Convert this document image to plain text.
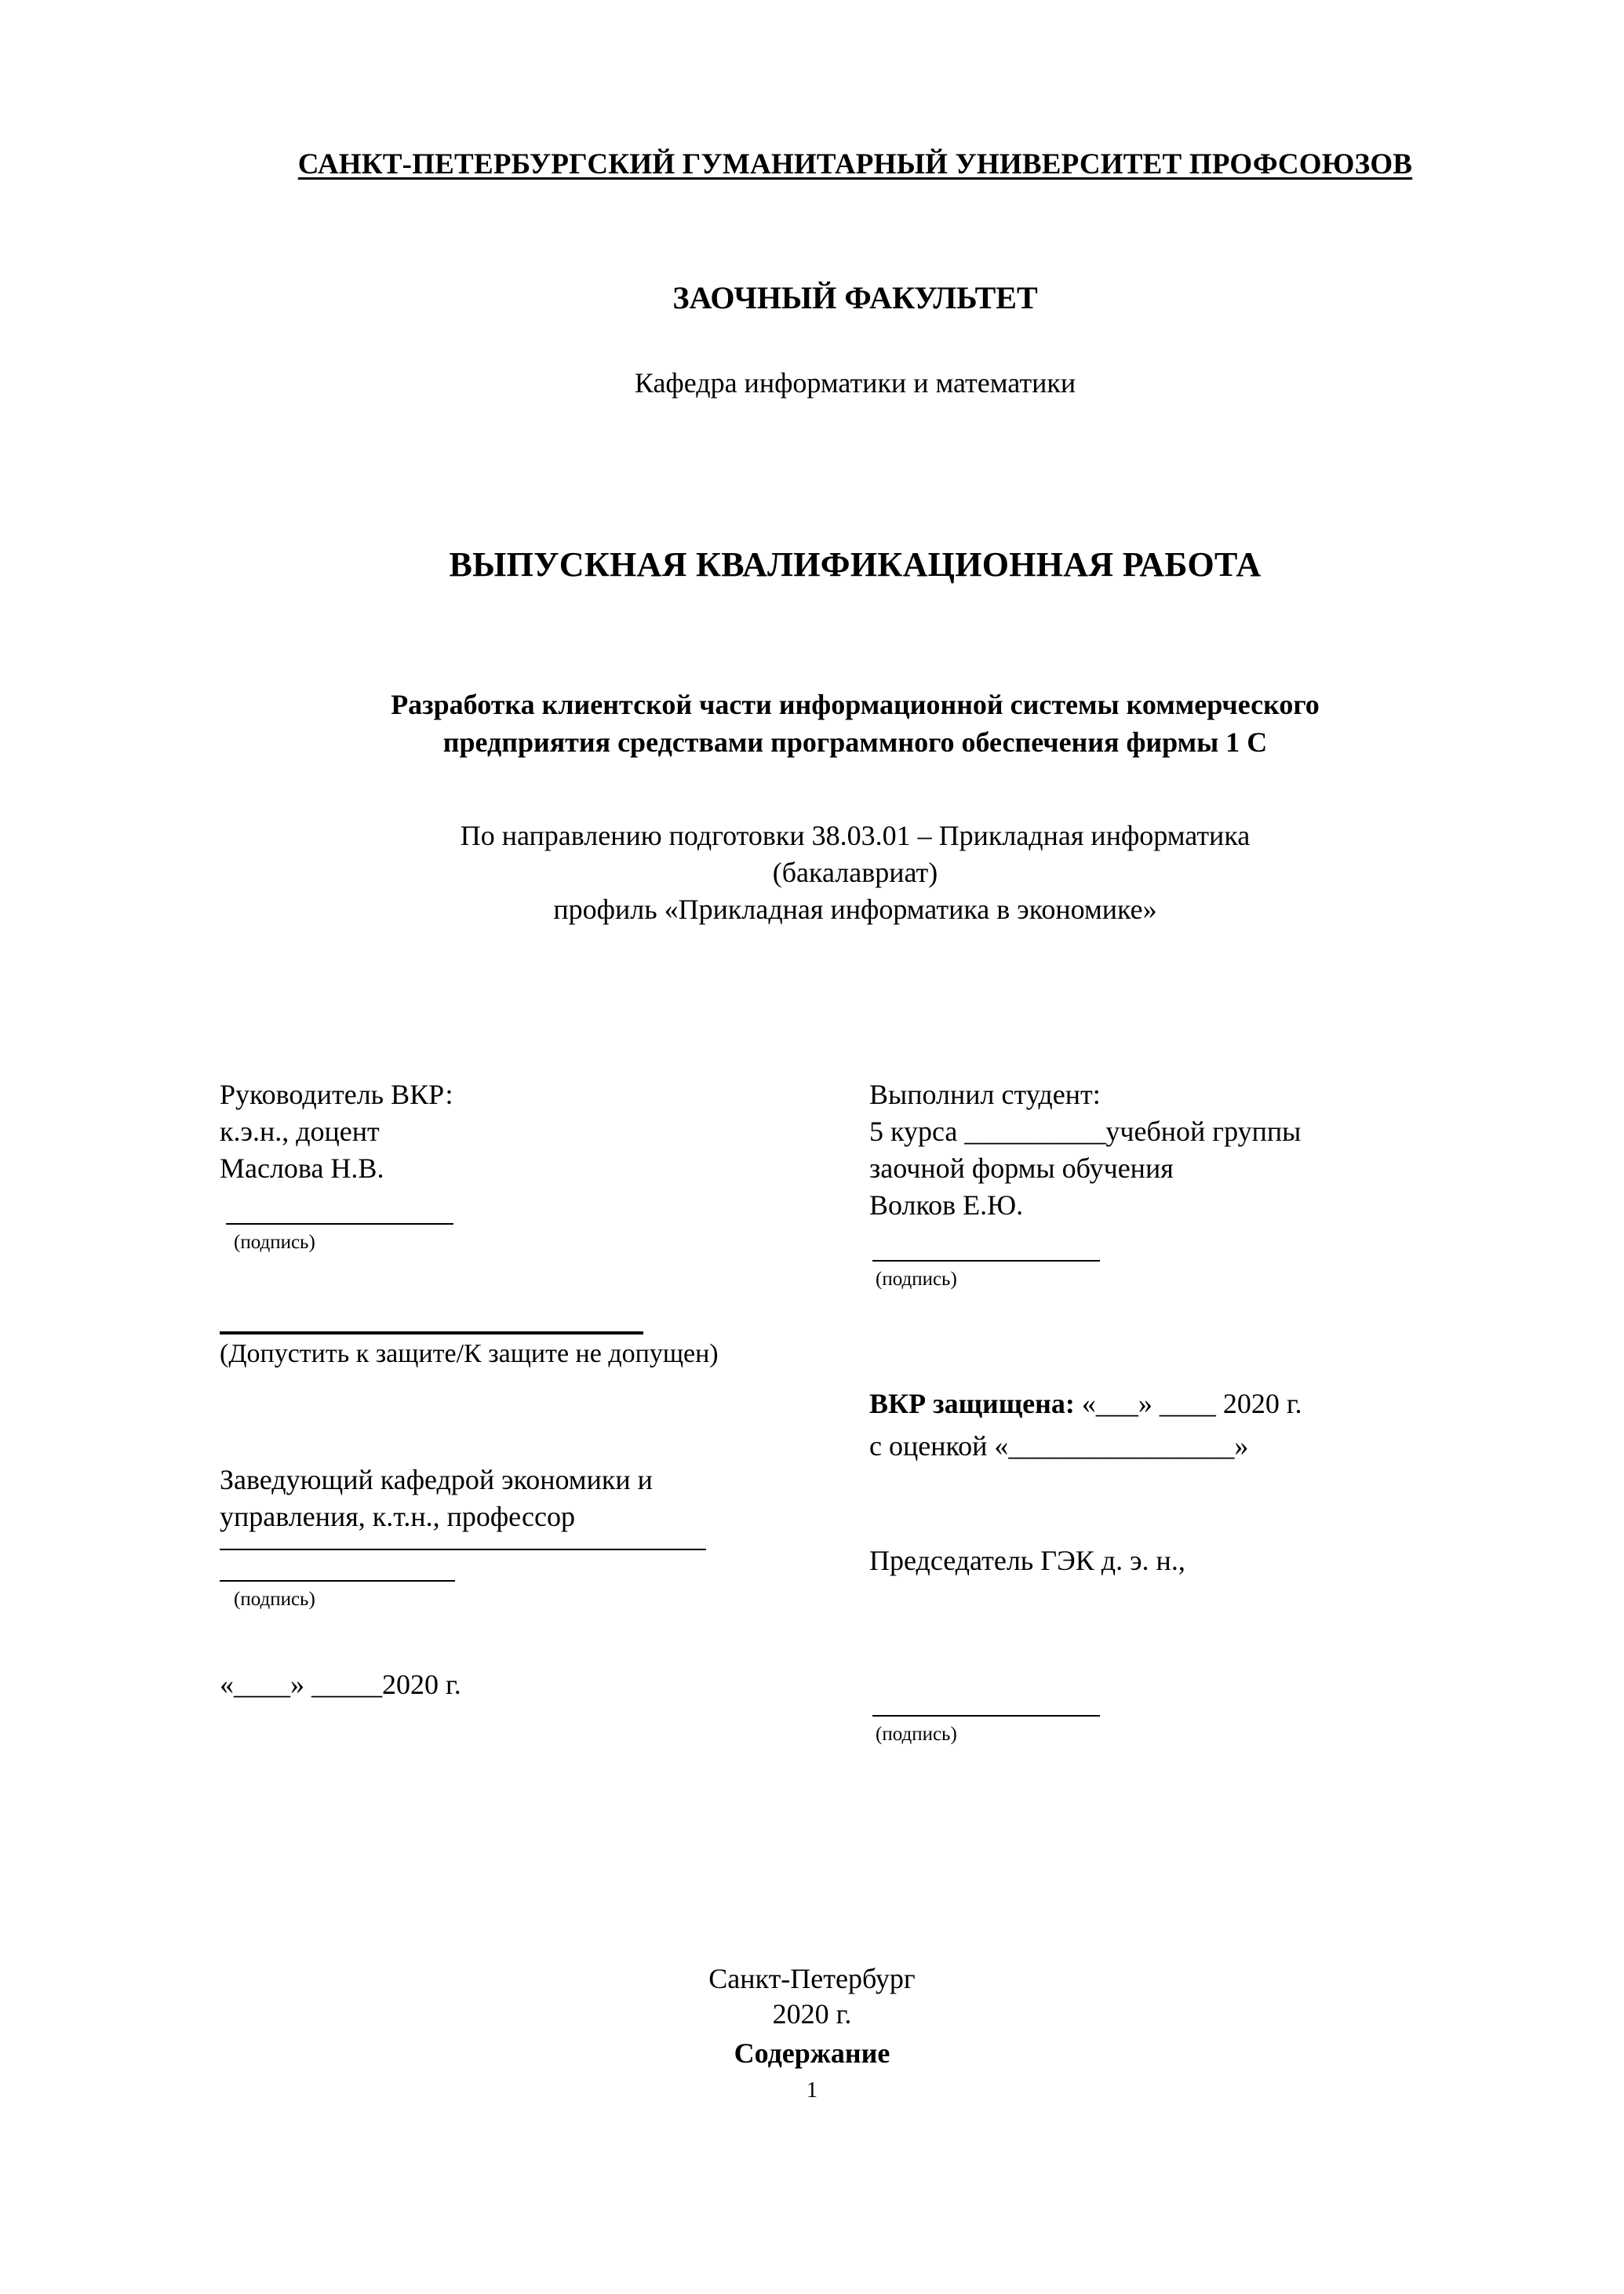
САНКТ-ПЕТЕРБУРГСКИЙ ГУМАНИТАРНЫЙ УНИВЕРСИТЕТ ПРОФСОЮЗОВ
ЗАОЧНЫЙ ФАКУЛЬТЕТ
Кафедра информатики и математики
ВЫПУСКНАЯ КВАЛИФИКАЦИОННАЯ РАБОТА
Разработка клиентской части информационной системы коммерческого
предприятия средствами программного обеспечения фирмы 1 С
По направлению подготовки 38.03.01 – Прикладная информатика
(бакалавриат)
профиль «Прикладная информатика в экономике»
Руководитель ВКР:
к.э.н., доцент
Маслова Н.В.
(подпись)
(Допустить к защите/К защите не допущен)
Заведующий кафедрой экономики и
управления, к.т.н., профессор
(подпись)
«____» _____2020 г.
Выполнил студент:
5 курса __________учебной группы
заочной формы обучения
Волков Е.Ю.
(подпись)
ВКР защищена: «___» ____ 2020 г.
с оценкой «________________»
Председатель ГЭК д. э. н.,
(подпись)
Санкт-Петербург
2020 г.
Содержание
1
